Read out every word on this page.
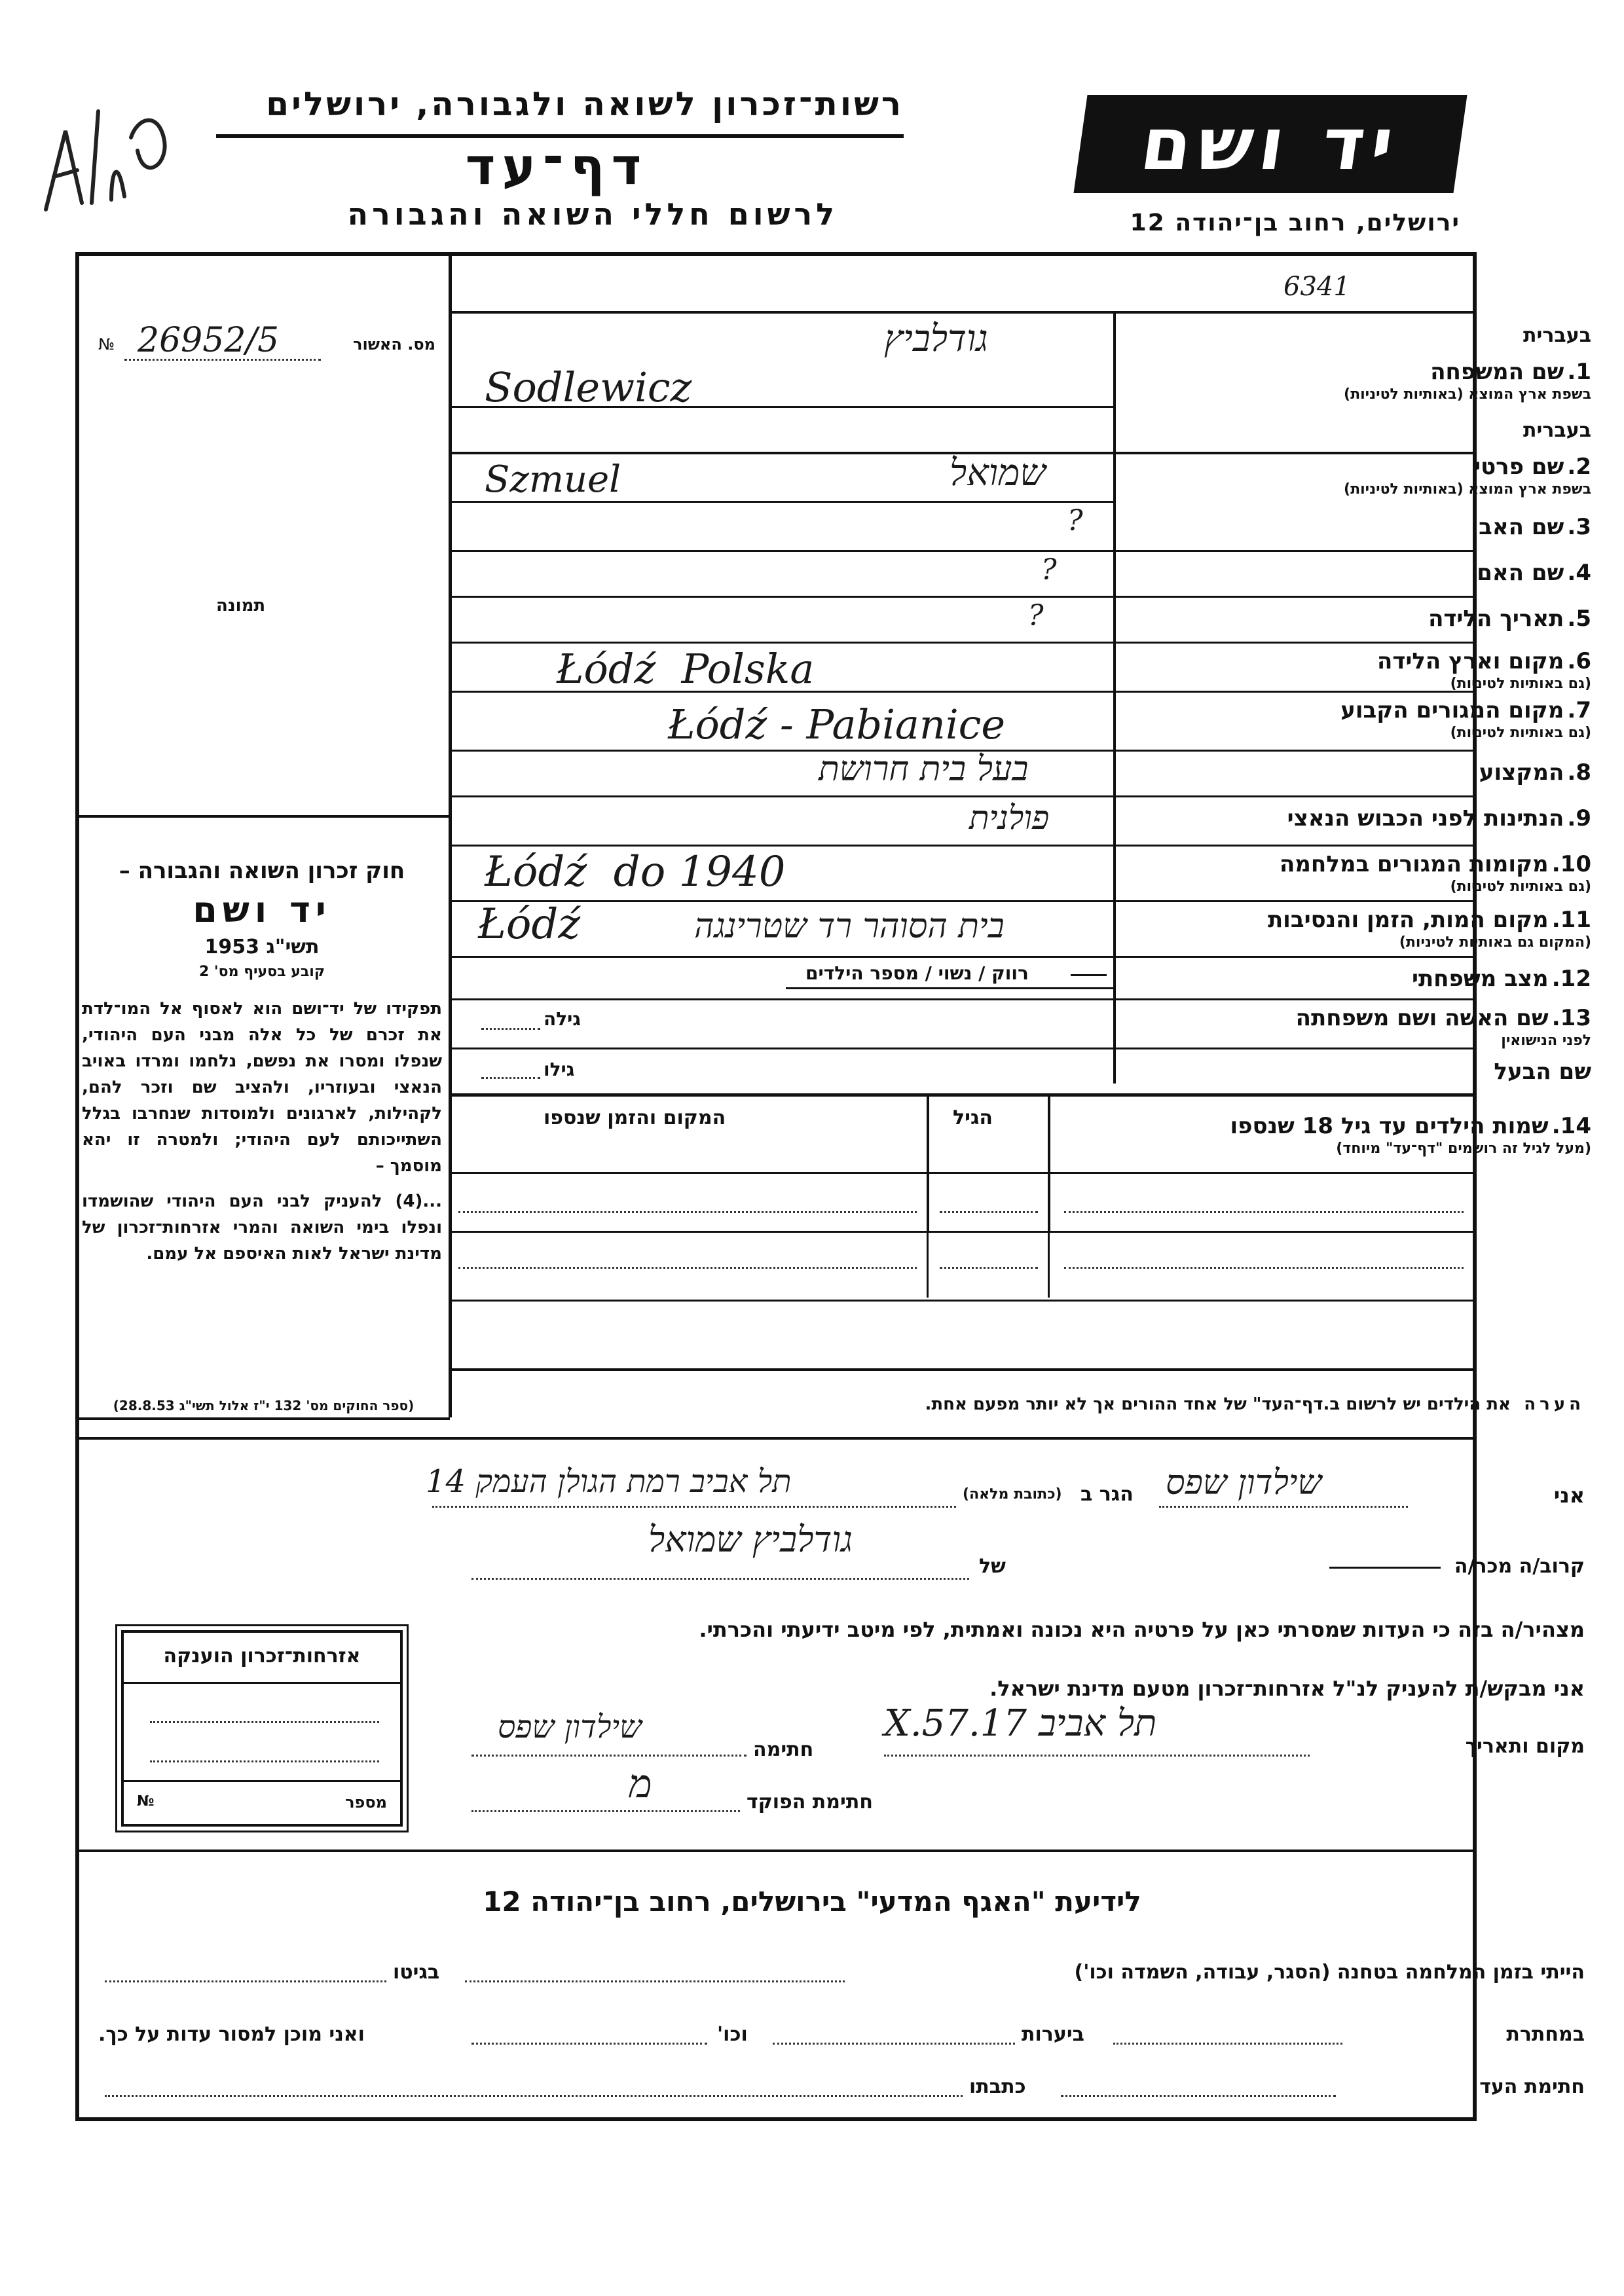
רשות־זכרון לשואה ולגבורה, ירושלים
דף־עד
לרשום חללי השואה והגבורה
יד ושם
ירושלים, רחוב בן־יהודה 12
6341
№ 26952/5	מס. האשור
תמונה
חוק זכרון השואה והגבורה –
יד ושם
תשי"ג 1953
קובע בסעיף מס' 2
תפקידו של יד־ושם הוא לאסוף אל המו־לדת את זכרם של כל אלה מבני העם היהודי, שנפלו ומסרו את נפשם, נלחמו ומרדו באויב הנאצי ובעוזריו, ולהציב שם וזכר להם, לקהילות, לארגונים ולמוסדות שנחרבו בגלל השתייכותם לעם היהודי; ולמטרה זו יהא מוסמך –
...(4) להעניק לבני העם היהודי שהושמדו ונפלו בימי השואה והמרי אזרחות־זכרון של מדינת ישראל לאות האיספם אל עמם.
(ספר החוקים מס' 132 י"ז אלול תשי"ג 28.8.53)
בעברית
1. שם המשפחה
בשפת ארץ המוצא (באותיות לטיניות)
גודלביץ
Sodlewicz
בעברית
2. שם פרטי
בשפת ארץ המוצא (באותיות לטיניות)
שמואל
Szmuel
3. שם האב
?
4. שם האם
?
5. תאריך הלידה
?
6. מקום וארץ הלידה
(גם באותיות לטיניות)
Łódź  Polska
7. מקום המגורים הקבוע
(גם באותיות לטיניות)
Łódź - Pabianice
8. המקצוע
בעל בית חרושת
9. הנתינות לפני הכבוש הנאצי
פולנית
10. מקומות המגורים במלחמה
(גם באותיות לטיניות)
Łódź  do 1940
11. מקום המות, הזמן והנסיבות
(המקום גם באותיות לטיניות)
Łódź	בית הסוהר רד שטרינגה
12. מצב משפחתי
רווק / נשוי / מספר הילדים
13. שם האשה ושם משפחתה
לפני הנישואין
גילה
שם הבעל
גילו
14. שמות הילדים עד גיל 18 שנספו
(מעל לגיל זה רושמים "דף־עד" מיוחד)
הגיל
המקום והזמן שנספו
הערה    את הילדים יש לרשום ב.דף־העד" של אחד ההורים אך לא יותר מפעם אחת.
אני
שילדון שפס
הגר ב
(כתובת מלאה)
תל אביב רמת הגולן העמק 14
קרוב/ה מכר/ה
של
גודלביץ שמואל
מצהיר/ה בזה כי העדות שמסרתי כאן על פרטיה היא נכונה ואמתית, לפי מיטב ידיעתי והכרתי.
אני מבקש/ת להעניק לנ"ל אזרחות־זכרון מטעם מדינת ישראל.
מקום ותאריך
תל אביב 17.X.57
חתימה
שילדון שפס
חתימת הפוקד
מ
אזרחות־זכרון הוענקה
№	מספר
לידיעת "האגף המדעי" בירושלים, רחוב בן־יהודה 12
הייתי בזמן המלחמה בטחנה (הסגר, עבודה, השמדה וכו')
בגיטו
במחתרת
ביערות
וכו'
ואני מוכן למסור עדות על כך.
חתימת העד
כתבתו
